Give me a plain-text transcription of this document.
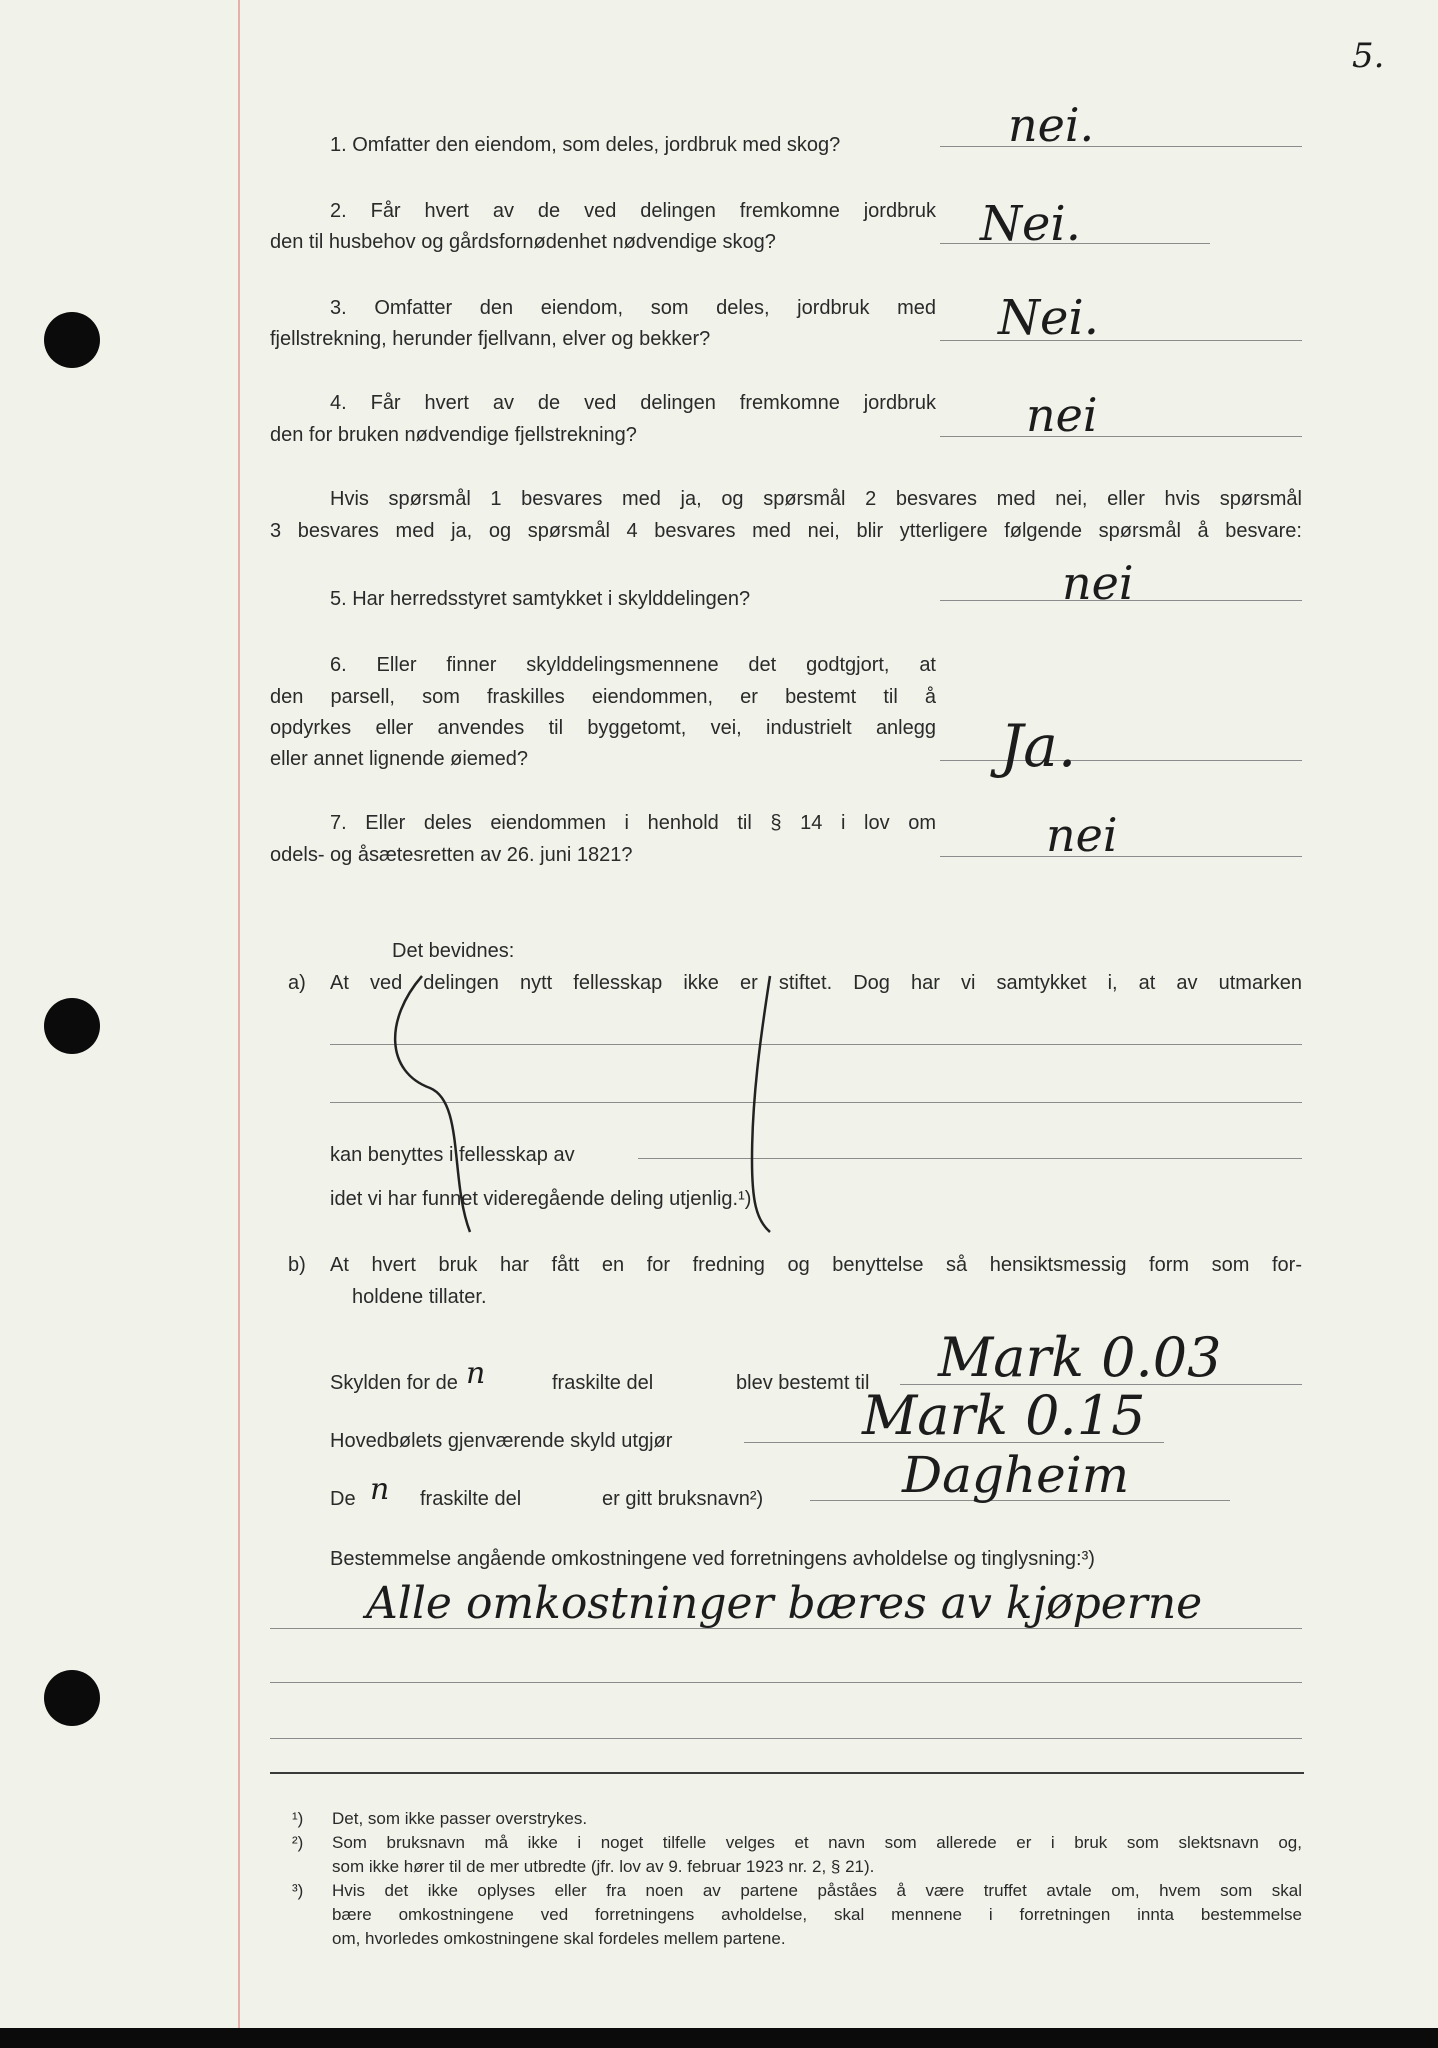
5.
1. Omfatter den eiendom, som deles, jordbruk med skog?	nei.
2. Får hvert av de ved delingen fremkomne jordbruk
den til husbehov og gårdsfornødenhet nødvendige skog?	Nei.
3. Omfatter den eiendom, som deles, jordbruk med
fjellstrekning, herunder fjellvann, elver og bekker?	Nei.
4. Får hvert av de ved delingen fremkomne jordbruk
den for bruken nødvendige fjellstrekning?	nei
Hvis spørsmål 1 besvares med ja, og spørsmål 2 besvares med nei, eller hvis spørsmål
3 besvares med ja, og spørsmål 4 besvares med nei, blir ytterligere følgende spørsmål å besvare:
5. Har herredsstyret samtykket i skylddelingen?	nei
6. Eller finner skylddelingsmennene det godtgjort, at
den parsell, som fraskilles eiendommen, er bestemt til å
opdyrkes eller anvendes til byggetomt, vei, industrielt anlegg
eller annet lignende øiemed?	Ja.
7. Eller deles eiendommen i henhold til § 14 i lov om
odels- og åsætesretten av 26. juni 1821?	nei
Det bevidnes:
a) At ved delingen nytt fellesskap ikke er stiftet. Dog har vi samtykket i, at av utmarken
kan benyttes i fellesskap av
idet vi har funnet videregående deling utjenlig.¹)
b) At hvert bruk har fått en for fredning og benyttelse så hensiktsmessig form som for-
holdene tillater.
Skylden for de n	fraskilte del	blev bestemt til Mark 0.03
Hovedbølets gjenværende skyld utgjør	Mark 0.15
De n fraskilte del	er gitt bruksnavn²)	Dagheim
Bestemmelse angående omkostningene ved forretningens avholdelse og tinglysning:³)
Alle omkostninger bæres av kjøperne
¹) Det, som ikke passer overstrykes.
²) Som bruksnavn må ikke i noget tilfelle velges et navn som allerede er i bruk som slektsnavn og,
som ikke hører til de mer utbredte (jfr. lov av 9. februar 1923 nr. 2, § 21).
³) Hvis det ikke oplyses eller fra noen av partene påståes å være truffet avtale om, hvem som skal
bære omkostningene ved forretningens avholdelse, skal mennene i forretningen innta bestemmelse
om, hvorledes omkostningene skal fordeles mellem partene.
